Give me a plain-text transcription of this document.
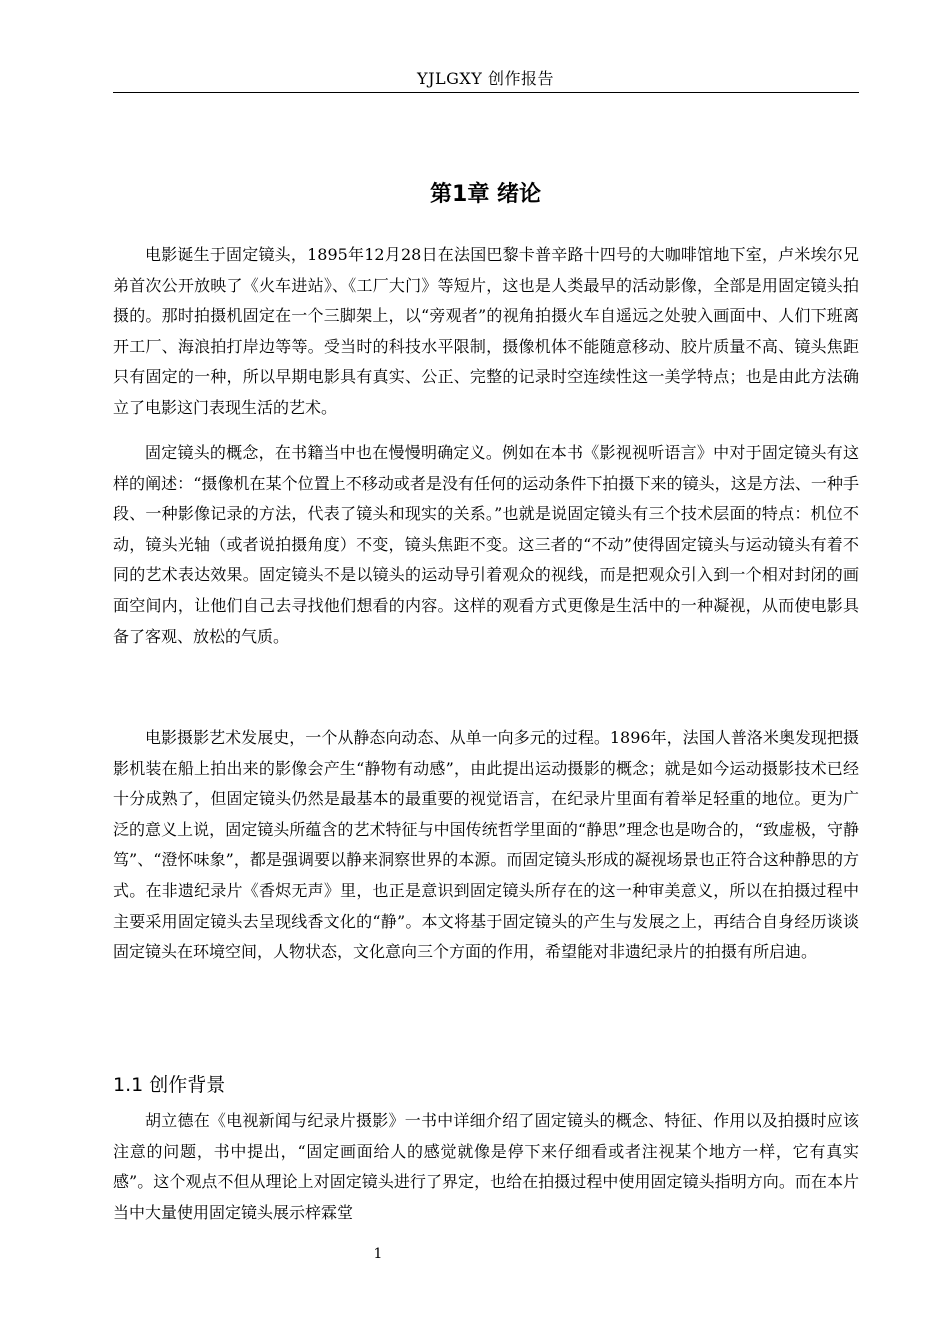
YJLGXY 创作报告
第1章 绪论

电影诞生于固定镜头，1895年12月28日在法国巴黎卡普辛路十四号的大咖啡馆地下室，卢米埃尔兄弟首次公开放映了《火车进站》、《工厂大门》等短片，这也是人类最早的活动影像，全部是用固定镜头拍摄的。那时拍摄机固定在一个三脚架上，以“旁观者”的视角拍摄火车自遥远之处驶入画面中、人们下班离开工厂、海浪拍打岸边等等。受当时的科技水平限制，摄像机体不能随意移动、胶片质量不高、镜头焦距只有固定的一种，所以早期电影具有真实、公正、完整的记录时空连续性这一美学特点；也是由此方法确立了电影这门表现生活的艺术。

固定镜头的概念，在书籍当中也在慢慢明确定义。例如在本书《影视视听语言》中对于固定镜头有这样的阐述：“摄像机在某个位置上不移动或者是没有任何的运动条件下拍摄下来的镜头，这是方法、一种手段、一种影像记录的方法，代表了镜头和现实的关系。”也就是说固定镜头有三个技术层面的特点：机位不动，镜头光轴（或者说拍摄角度）不变，镜头焦距不变。这三者的“不动”使得固定镜头与运动镜头有着不同的艺术表达效果。固定镜头不是以镜头的运动导引着观众的视线，而是把观众引入到一个相对封闭的画面空间内，让他们自己去寻找他们想看的内容。这样的观看方式更像是生活中的一种凝视，从而使电影具备了客观、放松的气质。

电影摄影艺术发展史，一个从静态向动态、从单一向多元的过程。1896年，法国人普洛米奥发现把摄影机装在船上拍出来的影像会产生“静物有动感”，由此提出运动摄影的概念；就是如今运动摄影技术已经十分成熟了，但固定镜头仍然是最基本的最重要的视觉语言，在纪录片里面有着举足轻重的地位。更为广泛的意义上说，固定镜头所蕴含的艺术特征与中国传统哲学里面的“静思”理念也是吻合的，“致虚极，守静笃”、“澄怀味象”，都是强调要以静来洞察世界的本源。而固定镜头形成的凝视场景也正符合这种静思的方式。在非遗纪录片《香烬无声》里，也正是意识到固定镜头所存在的这一种审美意义，所以在拍摄过程中主要采用固定镜头去呈现线香文化的“静”。本文将基于固定镜头的产生与发展之上，再结合自身经历谈谈固定镜头在环境空间，人物状态，文化意向三个方面的作用，希望能对非遗纪录片的拍摄有所启迪。

1.1 创作背景

胡立德在《电视新闻与纪录片摄影》一书中详细介绍了固定镜头的概念、特征、作用以及拍摄时应该注意的问题，书中提出，“固定画面给人的感觉就像是停下来仔细看或者注视某个地方一样，它有真实感”。这个观点不但从理论上对固定镜头进行了界定，也给在拍摄过程中使用固定镜头指明方向。而在本片当中大量使用固定镜头展示梓霖堂

1
